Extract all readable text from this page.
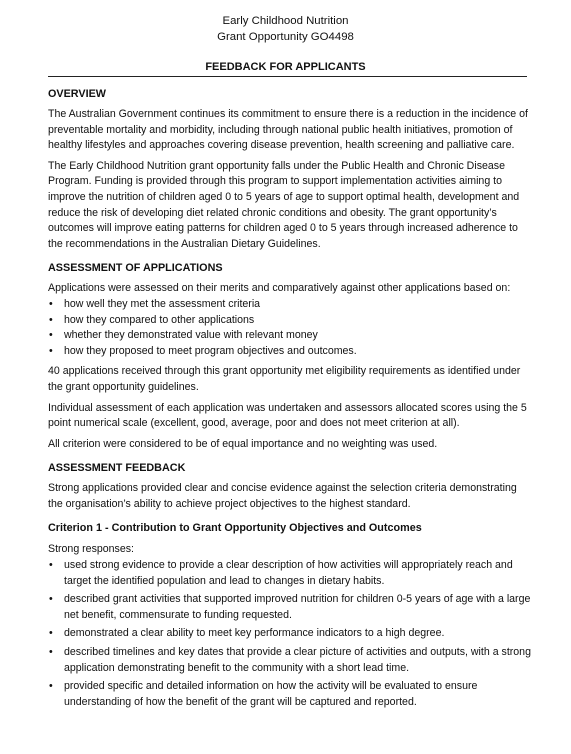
Early Childhood Nutrition
Grant Opportunity GO4498
FEEDBACK FOR APPLICANTS
OVERVIEW

The Australian Government continues its commitment to ensure there is a reduction in the incidence of preventable mortality and morbidity, including through national public health initiatives, promotion of healthy lifestyles and approaches covering disease prevention, health screening and palliative care.

The Early Childhood Nutrition grant opportunity falls under the Public Health and Chronic Disease Program. Funding is provided through this program to support implementation activities aiming to improve the nutrition of children aged 0 to 5 years of age to support optimal health, development and reduce the risk of developing diet related chronic conditions and obesity. The grant opportunity’s outcomes will improve eating patterns for children aged 0 to 5 years through increased adherence to the recommendations in the Australian Dietary Guidelines.

ASSESSMENT OF APPLICATIONS

Applications were assessed on their merits and comparatively against other applications based on:

• how well they met the assessment criteria
• how they compared to other applications
• whether they demonstrated value with relevant money
• how they proposed to meet program objectives and outcomes.

40 applications received through this grant opportunity met eligibility requirements as identified under the grant opportunity guidelines.

Individual assessment of each application was undertaken and assessors allocated scores using the 5 point numerical scale (excellent, good, average, poor and does not meet criterion at all).

All criterion were considered to be of equal importance and no weighting was used.

ASSESSMENT FEEDBACK

Strong applications provided clear and concise evidence against the selection criteria demonstrating the organisation’s ability to achieve project objectives to the highest standard.

Criterion 1 - Contribution to Grant Opportunity Objectives and Outcomes

Strong responses:

• used strong evidence to provide a clear description of how activities will appropriately reach and target the identified population and lead to changes in dietary habits.
• described grant activities that supported improved nutrition for children 0-5 years of age with a large net benefit, commensurate to funding requested.
• demonstrated a clear ability to meet key performance indicators to a high degree.
• described timelines and key dates that provide a clear picture of activities and outputs, with a strong application demonstrating benefit to the community with a short lead time.
• provided specific and detailed information on how the activity will be evaluated to ensure understanding of how the benefit of the grant will be captured and reported.
